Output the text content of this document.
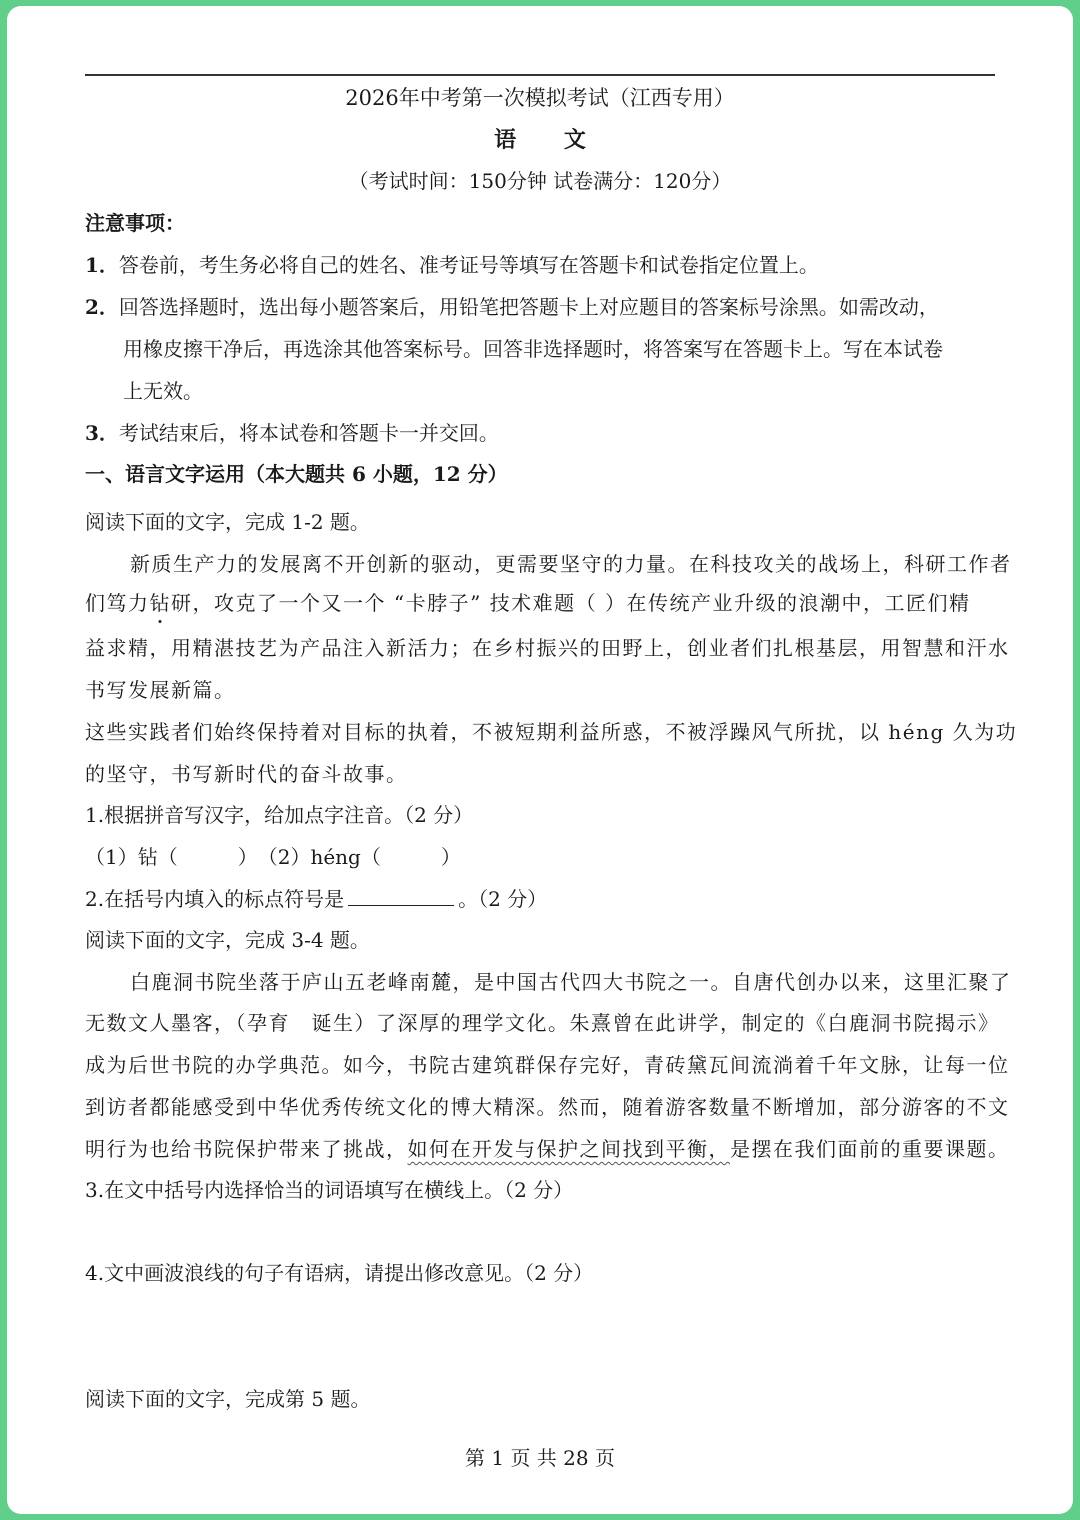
2026年中考第一次模拟考试（江西专用）
语 文
（考试时间：150分钟 试卷满分：120分）
注意事项：
1．答卷前，考生务必将自己的姓名、准考证号等填写在答题卡和试卷指定位置上。
2．回答选择题时，选出每小题答案后，用铅笔把答题卡上对应题目的答案标号涂黑。如需改动，
用橡皮擦干净后，再选涂其他答案标号。回答非选择题时，将答案写在答题卡上。写在本试卷
上无效。
3．考试结束后，将本试卷和答题卡一并交回。
一、语言文字运用（本大题共 6 小题，12 分）
阅读下面的文字，完成 1-2 题。
新质生产力的发展离不开创新的驱动，更需要坚守的力量。在科技攻关的战场上，科研工作者
们笃力钻研，攻克了一个又一个 “卡脖子” 技术难题（ ）在传统产业升级的浪潮中，工匠们精
益求精，用精湛技艺为产品注入新活力；在乡村振兴的田野上，创业者们扎根基层，用智慧和汗水
书写发展新篇。
这些实践者们始终保持着对目标的执着，不被短期利益所惑，不被浮躁风气所扰，以 héng 久为功
的坚守，书写新时代的奋斗故事。
1.根据拼音写汉字，给加点字注音。（2 分）
（1）钻（　　　）　（2）héng（　　　）
2.在括号内填入的标点符号是	。（2 分）
阅读下面的文字，完成 3-4 题。
白鹿洞书院坐落于庐山五老峰南麓，是中国古代四大书院之一。自唐代创办以来，这里汇聚了
无数文人墨客，（孕育　诞生）了深厚的理学文化。朱熹曾在此讲学，制定的《白鹿洞书院揭示》
成为后世书院的办学典范。如今，书院古建筑群保存完好，青砖黛瓦间流淌着千年文脉，让每一位
到访者都能感受到中华优秀传统文化的博大精深。然而，随着游客数量不断增加，部分游客的不文
明行为也给书院保护带来了挑战，如何在开发与保护之间找到平衡，是摆在我们面前的重要课题。
3.在文中括号内选择恰当的词语填写在横线上。（2 分）
4.文中画波浪线的句子有语病，请提出修改意见。（2 分）
阅读下面的文字，完成第 5 题。
第 1 页 共 28 页
